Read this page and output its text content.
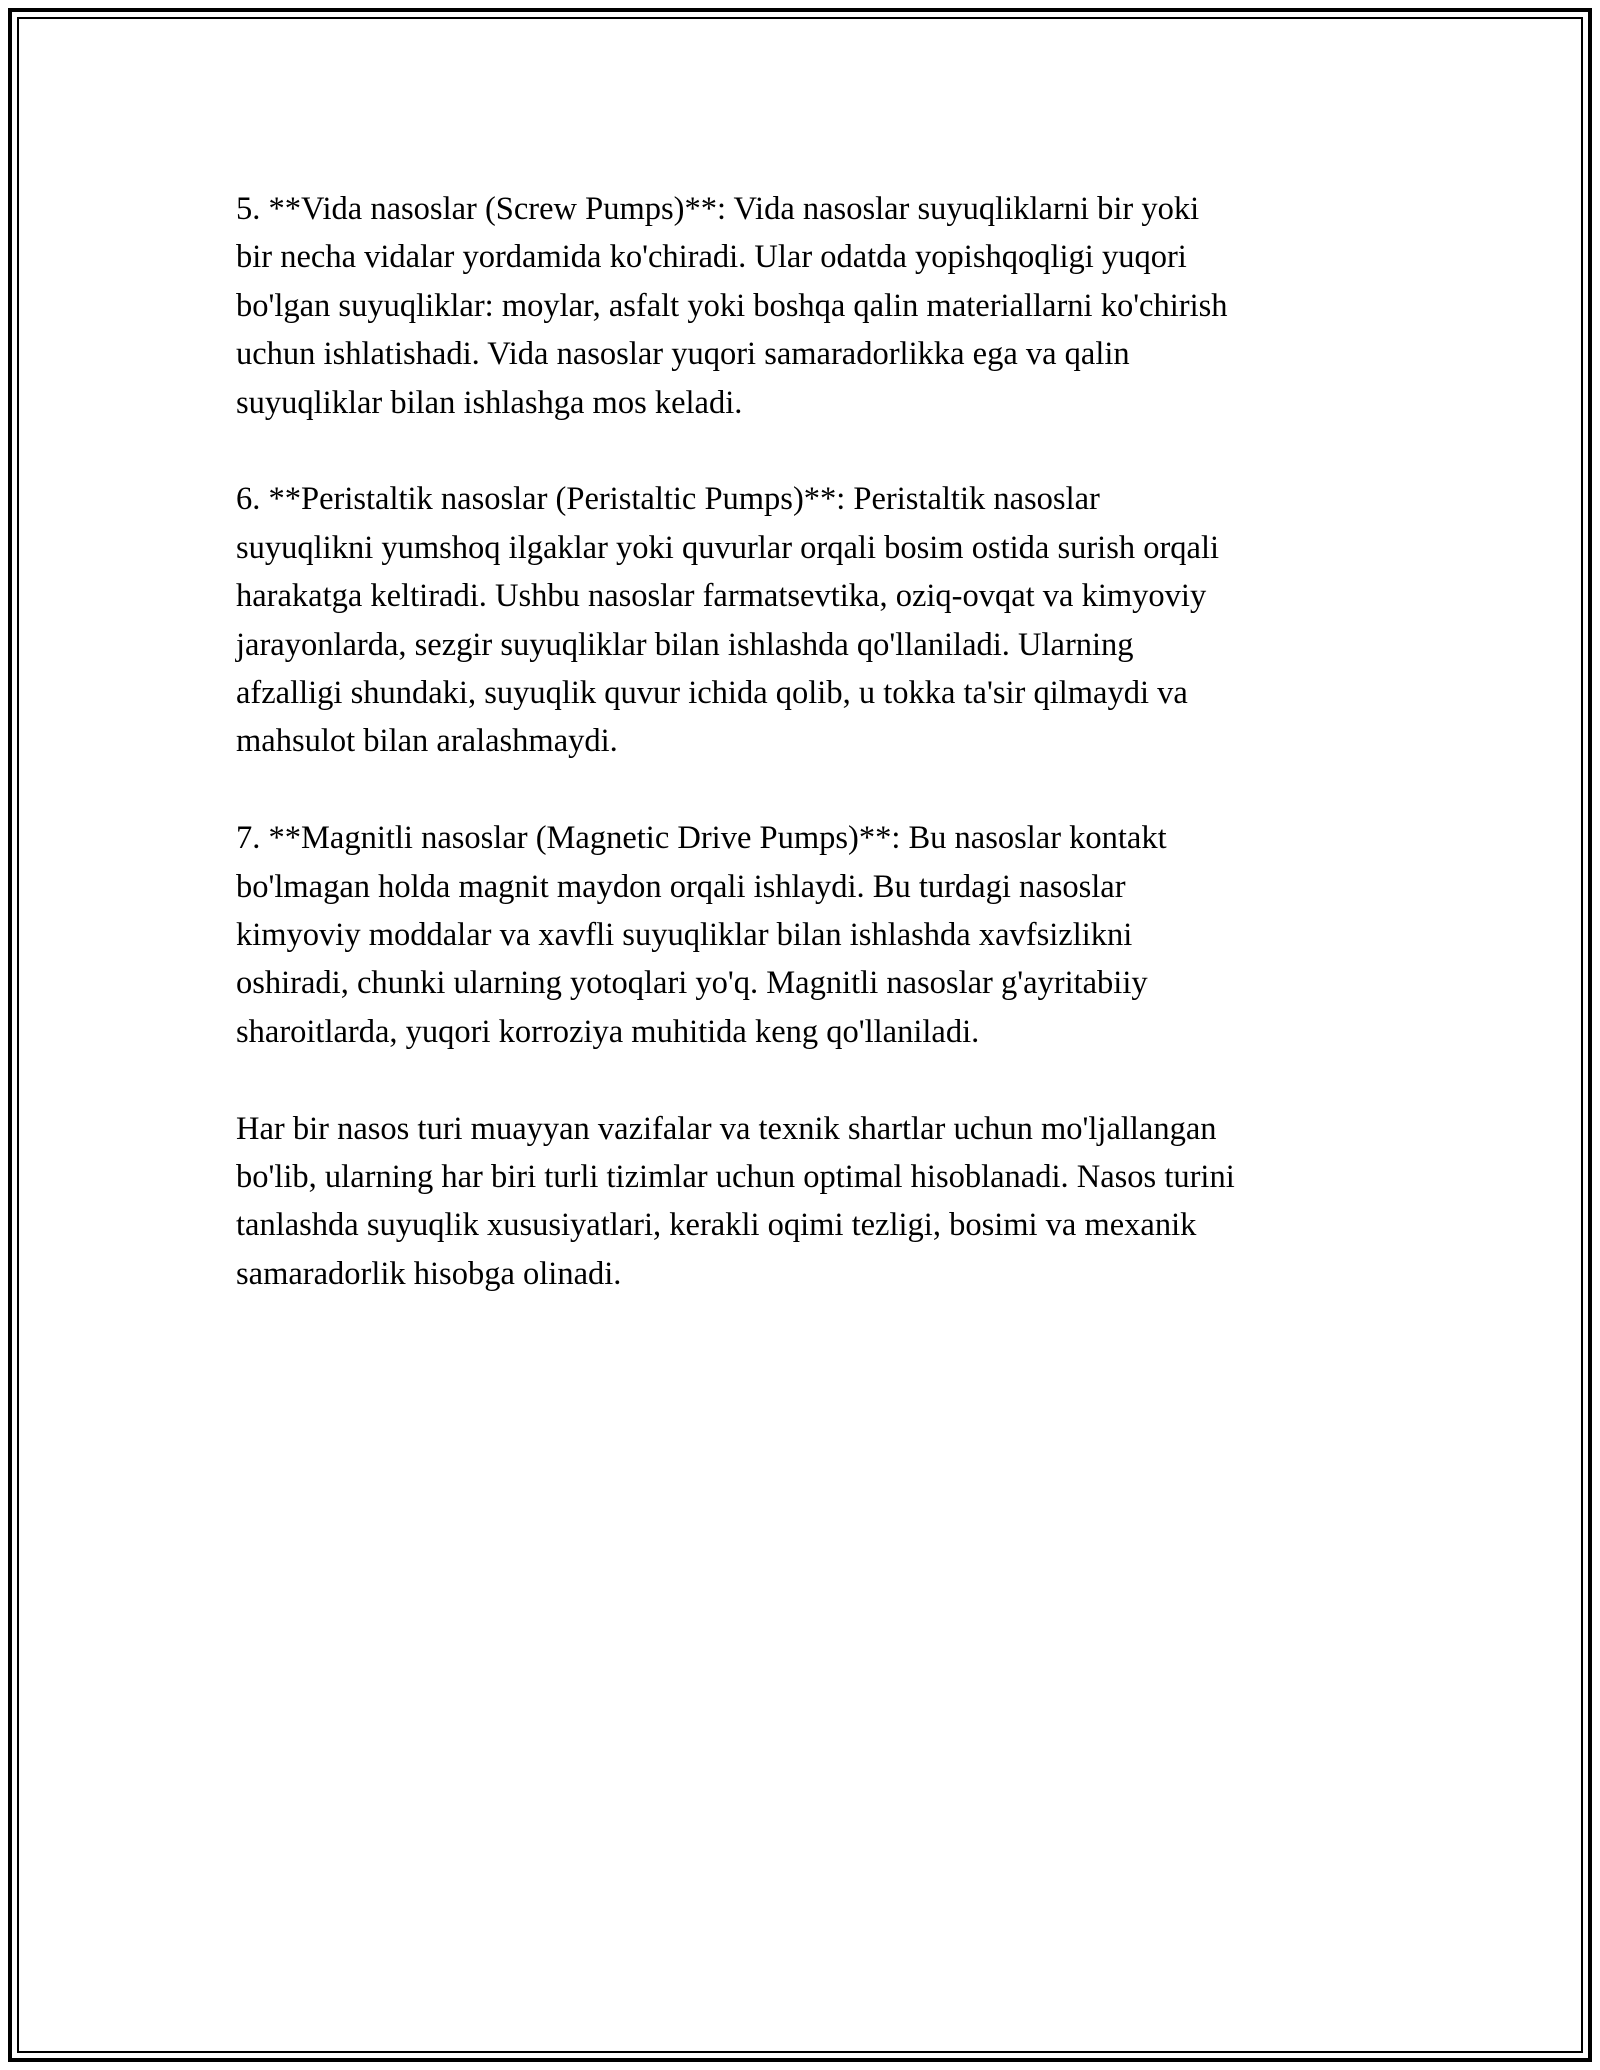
5. **Vida nasoslar (Screw Pumps)**: Vida nasoslar suyuqliklarni bir yoki
bir necha vidalar yordamida ko'chiradi. Ular odatda yopishqoqligi yuqori
bo'lgan suyuqliklar: moylar, asfalt yoki boshqa qalin materiallarni ko'chirish
uchun ishlatishadi. Vida nasoslar yuqori samaradorlikka ega va qalin
suyuqliklar bilan ishlashga mos keladi.

6. **Peristaltik nasoslar (Peristaltic Pumps)**: Peristaltik nasoslar
suyuqlikni yumshoq ilgaklar yoki quvurlar orqali bosim ostida surish orqali
harakatga keltiradi. Ushbu nasoslar farmatsevtika, oziq-ovqat va kimyoviy
jarayonlarda, sezgir suyuqliklar bilan ishlashda qo'llaniladi. Ularning
afzalligi shundaki, suyuqlik quvur ichida qolib, u tokka ta'sir qilmaydi va
mahsulot bilan aralashmaydi.

7. **Magnitli nasoslar (Magnetic Drive Pumps)**: Bu nasoslar kontakt
bo'lmagan holda magnit maydon orqali ishlaydi. Bu turdagi nasoslar
kimyoviy moddalar va xavfli suyuqliklar bilan ishlashda xavfsizlikni
oshiradi, chunki ularning yotoqlari yo'q. Magnitli nasoslar g'ayritabiiy
sharoitlarda, yuqori korroziya muhitida keng qo'llaniladi.

Har bir nasos turi muayyan vazifalar va texnik shartlar uchun mo'ljallangan
bo'lib, ularning har biri turli tizimlar uchun optimal hisoblanadi. Nasos turini
tanlashda suyuqlik xususiyatlari, kerakli oqimi tezligi, bosimi va mexanik
samaradorlik hisobga olinadi.
